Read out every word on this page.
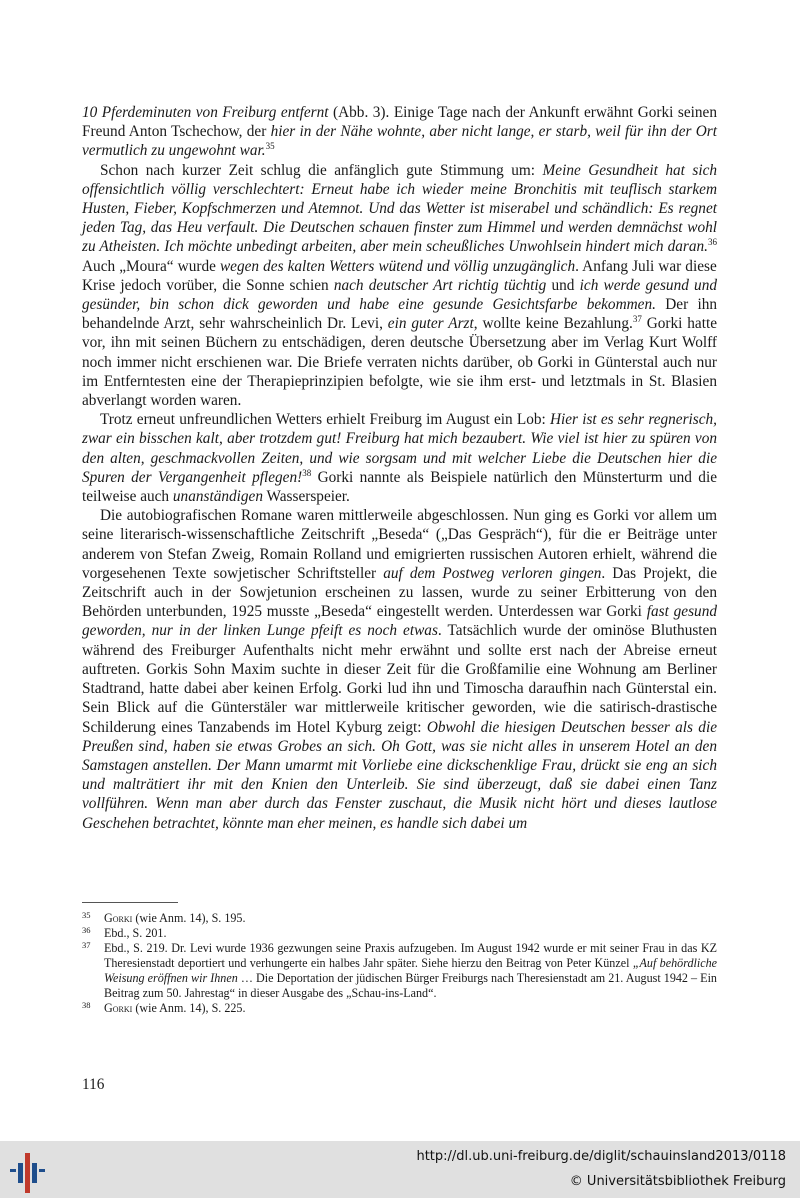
10 Pferdeminuten von Freiburg entfernt (Abb. 3). Einige Tage nach der Ankunft erwähnt Gorki seinen Freund Anton Tschechow, der hier in der Nähe wohnte, aber nicht lange, er starb, weil für ihn der Ort vermutlich zu ungewohnt war.$^{35}$

Schon nach kurzer Zeit schlug die anfänglich gute Stimmung um: Meine Gesundheit hat sich offensichtlich völlig verschlechtert: Erneut habe ich wieder meine Bronchitis mit teuflisch starkem Husten, Fieber, Kopfschmerzen und Atemnot. Und das Wetter ist miserabel und schändlich: Es regnet jeden Tag, das Heu verfault. Die Deutschen schauen finster zum Himmel und werden demnächst wohl zu Atheisten. Ich möchte unbedingt arbeiten, aber mein scheußliches Unwohlsein hindert mich daran.$^{36}$ Auch „Moura“ wurde wegen des kalten Wetters wütend und völlig unzugänglich. Anfang Juli war diese Krise jedoch vorüber, die Sonne schien nach deutscher Art richtig tüchtig und ich werde gesund und gesünder, bin schon dick geworden und habe eine gesunde Gesichtsfarbe bekommen. Der ihn behandelnde Arzt, sehr wahrscheinlich Dr. Levi, ein guter Arzt, wollte keine Bezahlung.$^{37}$ Gorki hatte vor, ihn mit seinen Büchern zu entschädigen, deren deutsche Übersetzung aber im Verlag Kurt Wolff noch immer nicht erschienen war. Die Briefe verraten nichts darüber, ob Gorki in Günterstal auch nur im Entferntesten eine der Therapieprinzipien befolgte, wie sie ihm erst- und letztmals in St. Blasien abverlangt worden waren.

Trotz erneut unfreundlichen Wetters erhielt Freiburg im August ein Lob: Hier ist es sehr regnerisch, zwar ein bisschen kalt, aber trotzdem gut! Freiburg hat mich bezaubert. Wie viel ist hier zu spüren von den alten, geschmackvollen Zeiten, und wie sorgsam und mit welcher Liebe die Deutschen hier die Spuren der Vergangenheit pflegen!$^{38}$ Gorki nannte als Beispiele natürlich den Münsterturm und die teilweise auch unanständigen Wasserspeier.

Die autobiografischen Romane waren mittlerweile abgeschlossen. Nun ging es Gorki vor allem um seine literarisch-wissenschaftliche Zeitschrift „Beseda“ („Das Gespräch“), für die er Beiträge unter anderem von Stefan Zweig, Romain Rolland und emigrierten russischen Autoren erhielt, während die vorgesehenen Texte sowjetischer Schriftsteller auf dem Postweg verloren gingen. Das Projekt, die Zeitschrift auch in der Sowjetunion erscheinen zu lassen, wurde zu seiner Erbitterung von den Behörden unterbunden, 1925 musste „Beseda“ eingestellt werden. Unterdessen war Gorki fast gesund geworden, nur in der linken Lunge pfeift es noch etwas. Tatsächlich wurde der ominöse Bluthusten während des Freiburger Aufenthalts nicht mehr erwähnt und sollte erst nach der Abreise erneut auftreten. Gorkis Sohn Maxim suchte in dieser Zeit für die Großfamilie eine Wohnung am Berliner Stadtrand, hatte dabei aber keinen Erfolg. Gorki lud ihn und Timoscha daraufhin nach Günterstal ein. Sein Blick auf die Günterstäler war mittlerweile kritischer geworden, wie die satirisch-drastische Schilderung eines Tanzabends im Hotel Kyburg zeigt: Obwohl die hiesigen Deutschen besser als die Preußen sind, haben sie etwas Grobes an sich. Oh Gott, was sie nicht alles in unserem Hotel an den Samstagen anstellen. Der Mann umarmt mit Vorliebe eine dickschenklige Frau, drückt sie eng an sich und malträtiert ihr mit den Knien den Unterleib. Sie sind überzeugt, daß sie dabei einen Tanz vollführen. Wenn man aber durch das Fenster zuschaut, die Musik nicht hört und dieses lautlose Geschehen betrachtet, könnte man eher meinen, es handle sich dabei um

35 Gorki (wie Anm. 14), S. 195.
36 Ebd., S. 201.
37 Ebd., S. 219. Dr. Levi wurde 1936 gezwungen seine Praxis aufzugeben. Im August 1942 wurde er mit seiner Frau in das KZ Theresienstadt deportiert und verhungerte ein halbes Jahr später. Siehe hierzu den Beitrag von Peter Künzel „Auf behördliche Weisung eröffnen wir Ihnen … Die Deportation der jüdischen Bürger Freiburgs nach Theresienstadt am 21. August 1942 – Ein Beitrag zum 50. Jahrestag“ in dieser Ausgabe des „Schau-ins-Land“.
38 Gorki (wie Anm. 14), S. 225.
116
http://dl.ub.uni-freiburg.de/diglit/schauinsland2013/0118
© Universitätsbibliothek Freiburg
